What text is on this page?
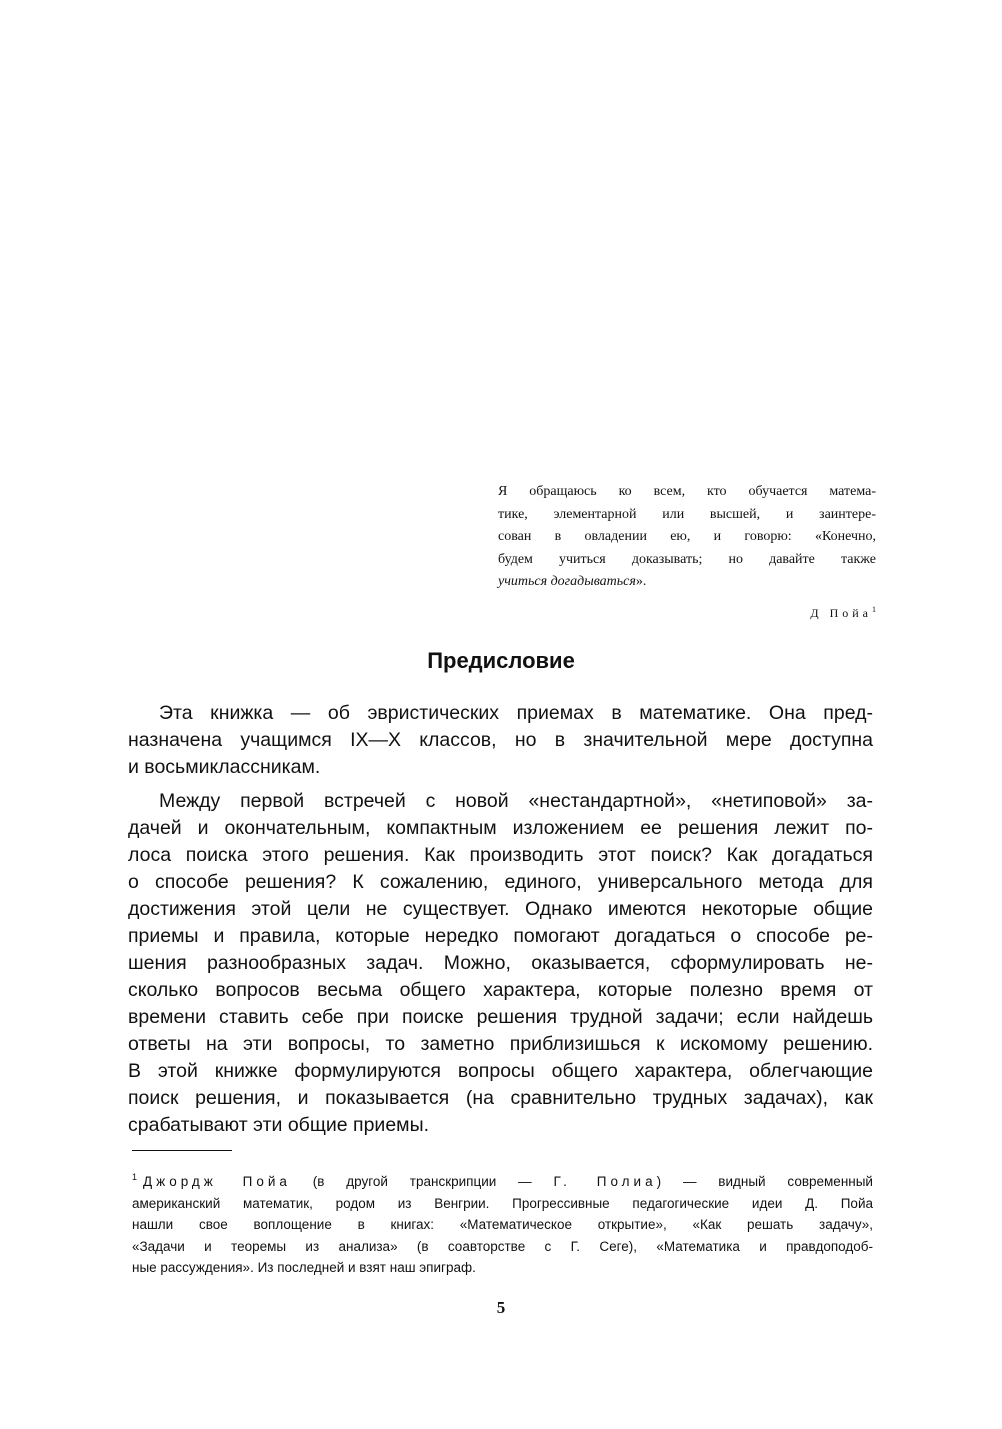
Я обращаюсь ко всем, кто обучается матема-
тике, элементарной или высшей, и заинтере-
сован в овладении ею, и говорю: «Конечно,
будем учиться доказывать; но давайте также
учиться догадываться».
Д Пойа$^1$
Предисловие
Эта книжка — об эвристических приемах в математике. Она пред-
назначена учащимся IX—X классов, но в значительной мере доступна
и восьмиклассникам.
Между первой встречей с новой «нестандартной», «нетиповой» за-
дачей и окончательным, компактным изложением ее решения лежит по-
лоса поиска этого решения. Как производить этот поиск? Как догадаться
о способе решения? К сожалению, единого, универсального метода для
достижения этой цели не существует. Однако имеются некоторые общие
приемы и правила, которые нередко помогают догадаться о способе ре-
шения разнообразных задач. Можно, оказывается, сформулировать не-
сколько вопросов весьма общего характера, которые полезно время от
времени ставить себе при поиске решения трудной задачи; если найдешь
ответы на эти вопросы, то заметно приблизишься к искомому решению.
В этой книжке формулируются вопросы общего характера, облегчающие
поиск решения, и показывается (на сравнительно трудных задачах), как
срабатывают эти общие приемы.
$^1$ Джордж Пойа (в другой транскрипции — Г. Полиа) — видный современный
американский математик, родом из Венгрии. Прогрессивные педагогические идеи Д. Пойа
нашли свое воплощение в книгах: «Математическое открытие», «Как решать задачу»,
«Задачи и теоремы из анализа» (в соавторстве с Г. Сеге), «Математика и правдоподоб-
ные рассуждения». Из последней и взят наш эпиграф.
5
